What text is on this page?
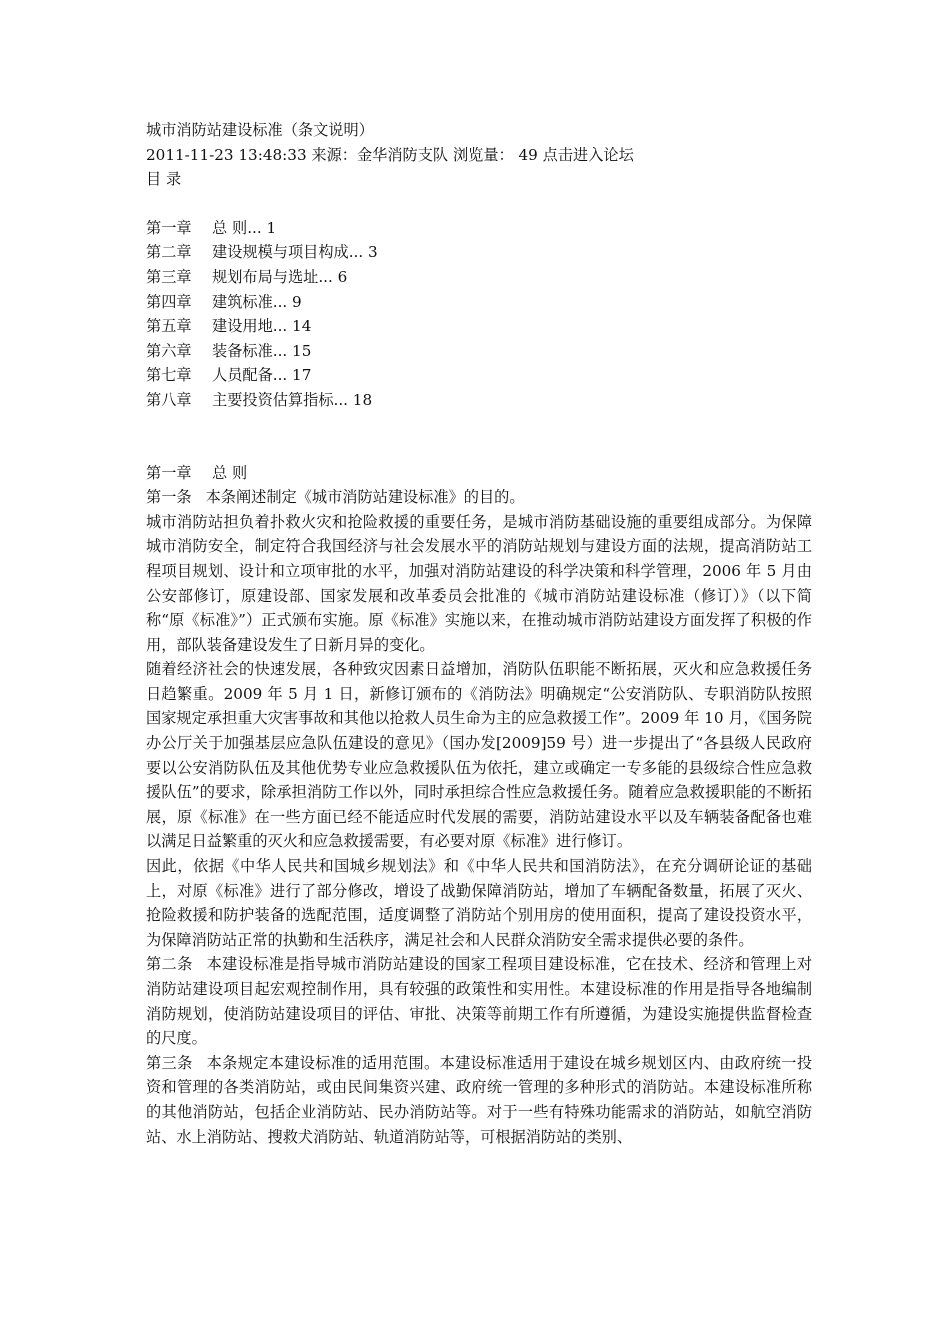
城市消防站建设标准（条文说明）
2011-11-23 13:48:33 来源：金华消防支队 浏览量： 49 点击进入论坛
目 录
第一章 总 则... 1
第二章 建设规模与项目构成... 3
第三章 规划布局与选址... 6
第四章 建筑标准... 9
第五章 建设用地... 14
第六章 装备标准... 15
第七章 人员配备... 17
第八章 主要投资估算指标... 18
第一章 总 则

第一条 本条阐述制定《城市消防站建设标准》的目的。

城市消防站担负着扑救火灾和抢险救援的重要任务，是城市消防基础设施的重要组成部分。为保障城市消防安全，制定符合我国经济与社会发展水平的消防站规划与建设方面的法规，提高消防站工程项目规划、设计和立项审批的水平，加强对消防站建设的科学决策和科学管理，2006 年 5 月由公安部修订，原建设部、国家发展和改革委员会批准的《城市消防站建设标准（修订）》（以下简称“原《标准》”）正式颁布实施。原《标准》实施以来，在推动城市消防站建设方面发挥了积极的作用，部队装备建设发生了日新月异的变化。

随着经济社会的快速发展，各种致灾因素日益增加，消防队伍职能不断拓展，灭火和应急救援任务日趋繁重。2009 年 5 月 1 日，新修订颁布的《消防法》明确规定“公安消防队、专职消防队按照国家规定承担重大灾害事故和其他以抢救人员生命为主的应急救援工作”。2009 年 10 月，《国务院办公厅关于加强基层应急队伍建设的意见》（国办发[2009]59 号）进一步提出了“各县级人民政府要以公安消防队伍及其他优势专业应急救援队伍为依托，建立或确定一专多能的县级综合性应急救援队伍”的要求，除承担消防工作以外，同时承担综合性应急救援任务。随着应急救援职能的不断拓展，原《标准》在一些方面已经不能适应时代发展的需要，消防站建设水平以及车辆装备配备也难以满足日益繁重的灭火和应急救援需要，有必要对原《标准》进行修订。

因此，依据《中华人民共和国城乡规划法》和《中华人民共和国消防法》，在充分调研论证的基础上，对原《标准》进行了部分修改，增设了战勤保障消防站，增加了车辆配备数量，拓展了灭火、抢险救援和防护装备的选配范围，适度调整了消防站个别用房的使用面积，提高了建设投资水平，为保障消防站正常的执勤和生活秩序，满足社会和人民群众消防安全需求提供必要的条件。

第二条 本建设标准是指导城市消防站建设的国家工程项目建设标准，它在技术、经济和管理上对消防站建设项目起宏观控制作用，具有较强的政策性和实用性。本建设标准的作用是指导各地编制消防规划，使消防站建设项目的评估、审批、决策等前期工作有所遵循，为建设实施提供监督检查的尺度。

第三条 本条规定本建设标准的适用范围。本建设标准适用于建设在城乡规划区内、由政府统一投资和管理的各类消防站，或由民间集资兴建、政府统一管理的多种形式的消防站。本建设标准所称的其他消防站，包括企业消防站、民办消防站等。对于一些有特殊功能需求的消防站，如航空消防站、水上消防站、搜救犬消防站、轨道消防站等，可根据消防站的类别、
